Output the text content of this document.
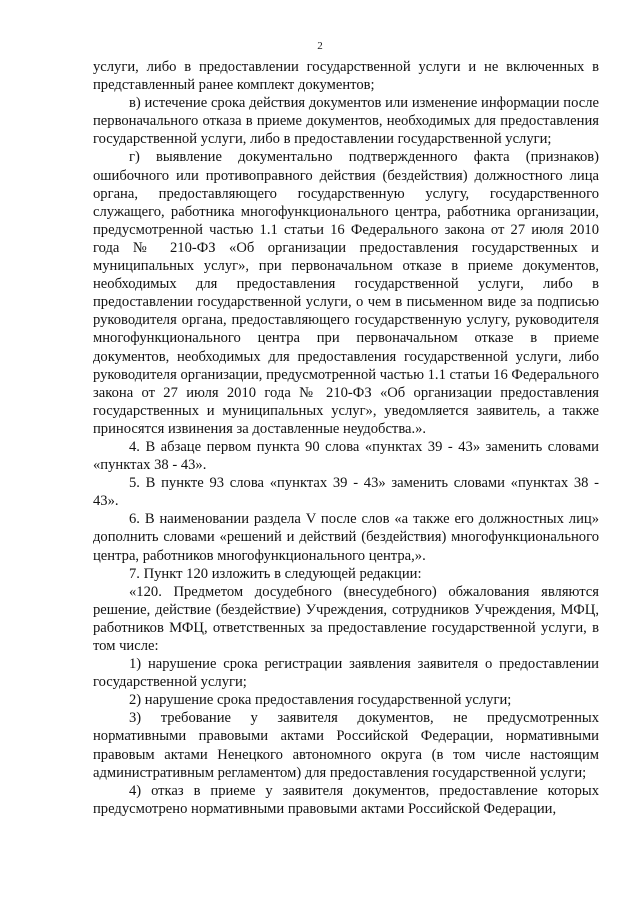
2

услуги, либо в предоставлении государственной услуги и не включенных в представленный ранее комплект документов;

в) истечение срока действия документов или изменение информации после первоначального отказа в приеме документов, необходимых для предоставления государственной услуги, либо в предоставлении государственной услуги;

г) выявление документально подтвержденного факта (признаков) ошибочного или противоправного действия (бездействия) должностного лица органа, предоставляющего государственную услугу, государственного служащего, работника многофункционального центра, работника организации, предусмотренной частью 1.1 статьи 16 Федерального закона от 27 июля 2010 года № 210-ФЗ «Об организации предоставления государственных и муниципальных услуг», при первоначальном отказе в приеме документов, необходимых для предоставления государственной услуги, либо в предоставлении государственной услуги, о чем в письменном виде за подписью руководителя органа, предоставляющего государственную услугу, руководителя многофункционального центра при первоначальном отказе в приеме документов, необходимых для предоставления государственной услуги, либо руководителя организации, предусмотренной частью 1.1 статьи 16 Федерального закона от 27 июля 2010 года № 210-ФЗ «Об организации предоставления государственных и муниципальных услуг», уведомляется заявитель, а также приносятся извинения за доставленные неудобства.».

4. В абзаце первом пункта 90 слова «пунктах 39 - 43» заменить словами «пунктах 38 - 43».

5. В пункте 93 слова «пунктах 39 - 43» заменить словами «пунктах 38 - 43».

6. В наименовании раздела V после слов «а также его должностных лиц» дополнить словами «решений и действий (бездействия) многофункционального центра, работников многофункционального центра,».

7. Пункт 120 изложить в следующей редакции:

«120. Предметом досудебного (внесудебного) обжалования являются решение, действие (бездействие) Учреждения, сотрудников Учреждения, МФЦ, работников МФЦ, ответственных за предоставление государственной услуги, в том числе:

1) нарушение срока регистрации заявления заявителя о предоставлении государственной услуги;

2) нарушение срока предоставления государственной услуги;

3) требование у заявителя документов, не предусмотренных нормативными правовыми актами Российской Федерации, нормативными правовым актами Ненецкого автономного округа (в том числе настоящим административным регламентом) для предоставления государственной услуги;

4) отказ в приеме у заявителя документов, предоставление которых предусмотрено нормативными правовыми актами Российской Федерации,
